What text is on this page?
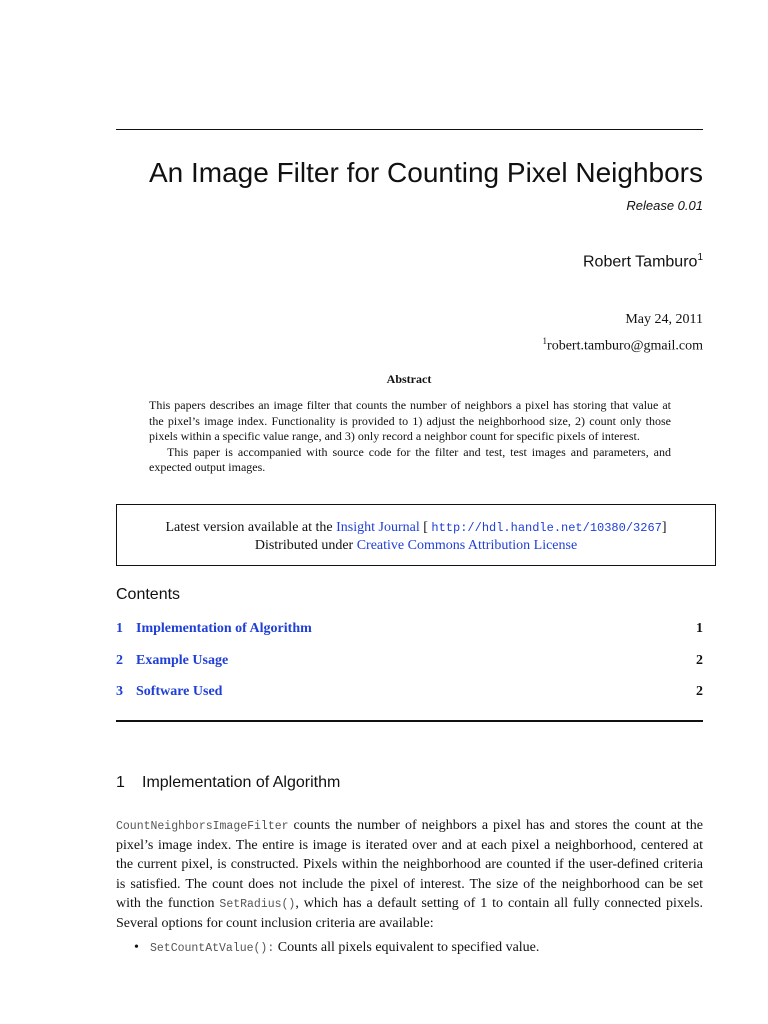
An Image Filter for Counting Pixel Neighbors
Release 0.01
Robert Tamburo$^1$
May 24, 2011
$^1$robert.tamburo@gmail.com
Abstract

This papers describes an image filter that counts the number of neighbors a pixel has storing that value at the pixel’s image index. Functionality is provided to 1) adjust the neighborhood size, 2) count only those pixels within a specific value range, and 3) only record a neighbor count for specific pixels of interest.

This paper is accompanied with source code for the filter and test, test images and parameters, and expected output images.

Latest version available at the Insight Journal [ http://hdl.handle.net/10380/3267]
Distributed under Creative Commons Attribution License
Contents
1 Implementation of Algorithm	1
2 Example Usage	2
3 Software Used	2
1 Implementation of Algorithm
CountNeighborsImageFilter counts the number of neighbors a pixel has and stores the count at the pixel’s image index. The entire is image is iterated over and at each pixel a neighborhood, centered at the current pixel, is constructed. Pixels within the neighborhood are counted if the user-defined criteria is satisfied. The count does not include the pixel of interest. The size of the neighborhood can be set with the function SetRadius(), which has a default setting of 1 to contain all fully connected pixels. Several options for count inclusion criteria are available:
• SetCountAtValue(): Counts all pixels equivalent to specified value.
